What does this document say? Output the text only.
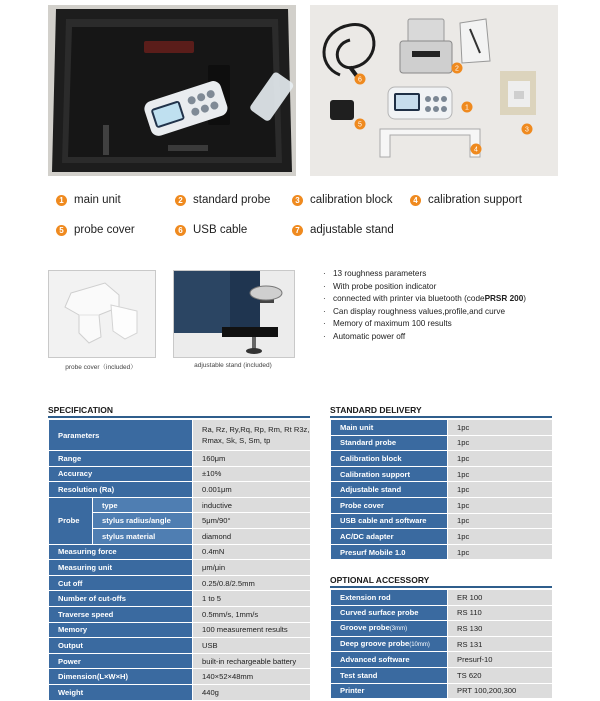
1
2
3
4
5
6
1 main unit	2 standard probe	3 calibration block	4 calibration support
5 probe cover	6 USB cable	7 adjustable stand
probe cover（included）	adjustable stand (included)
· 13 roughness parameters
· With probe position indicator
· connected with printer via bluetooth (code PRSR 200 )
· Can display roughness values,profile,and curve
· Memory of maximum 100 results
· Automatic power off
SPECIFICATION
Parameters		Ra, Rz, Ry,Rq, Rp, Rm, Rt R3z, Rmax, Sk, S, Sm, tp
Range		160μm
Accuracy		±10%
Resolution (Ra)		0.001μm
Probe	type	inductive
	stylus radius/angle	5μm/90°
	stylus material	diamond
Measuring force		0.4mN
Measuring unit		μm/μin
Cut off		0.25/0.8/2.5mm
Number of cut-offs		1 to 5
Traverse speed		0.5mm/s, 1mm/s
Memory		100 measurement results
Output		USB
Power		built-in rechargeable battery
Dimension(L×W×H)		140×52×48mm
Weight		440g
STANDARD DELIVERY
Main unit	1pc
Standard probe	1pc
Calibration block	1pc
Calibration support	1pc
Adjustable stand	1pc
Probe cover	1pc
USB cable and software	1pc
AC/DC adapter	1pc
Presurf Mobile 1.0	1pc
OPTIONAL ACCESSORY
Extension rod	ER 100
Curved surface probe	RS 110
Groove probe(3mm)	RS 130
Deep groove probe(10mm)	RS 131
Advanced software	Presurf-10
Test stand	TS 620
Printer	PRT 100,200,300
